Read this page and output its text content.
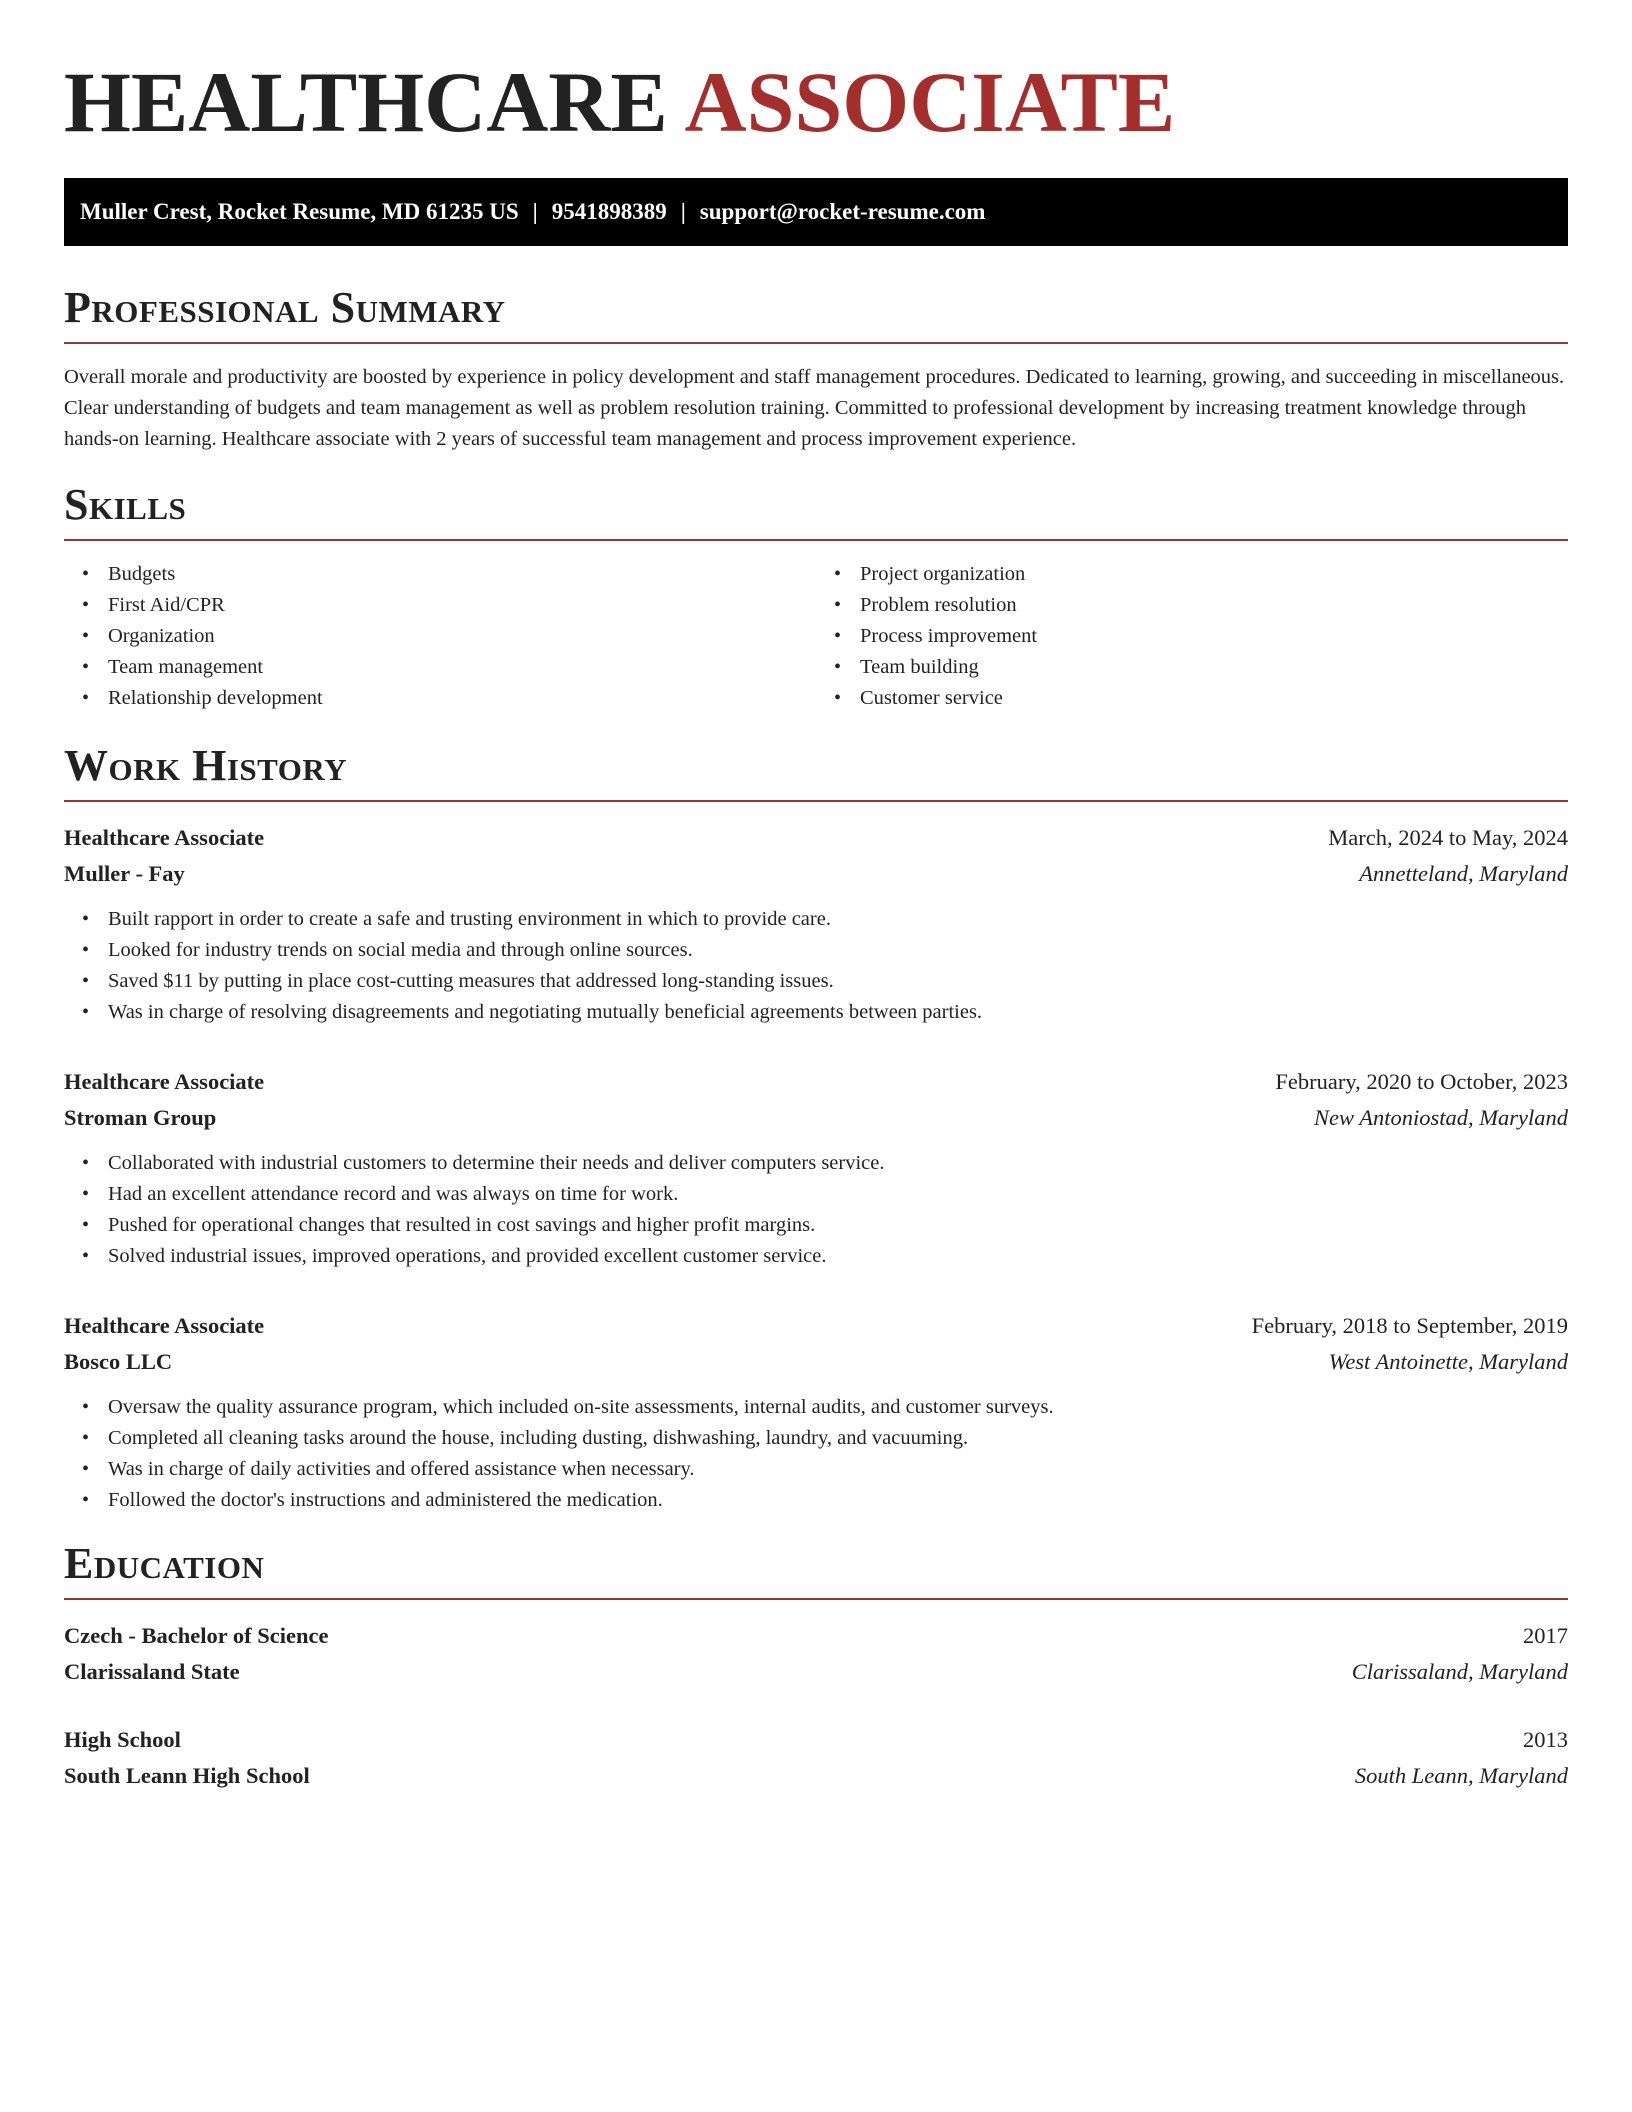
HEALTHCARE ASSOCIATE
Muller Crest, Rocket Resume, MD 61235 US | 9541898389 | support@rocket-resume.com
Professional Summary

Overall morale and productivity are boosted by experience in policy development and staff management procedures. Dedicated to learning, growing, and succeeding in miscellaneous. Clear understanding of budgets and team management as well as problem resolution training. Committed to professional development by increasing treatment knowledge through hands-on learning. Healthcare associate with 2 years of successful team management and process improvement experience.

Skills
• Budgets
• First Aid/CPR
• Organization
• Team management
• Relationship development
• Project organization
• Problem resolution
• Process improvement
• Team building
• Customer service
Work History
Healthcare Associate	March, 2024 to May, 2024
Muller - Fay	Annetteland, Maryland
• Built rapport in order to create a safe and trusting environment in which to provide care.
• Looked for industry trends on social media and through online sources.
• Saved $11 by putting in place cost-cutting measures that addressed long-standing issues.
• Was in charge of resolving disagreements and negotiating mutually beneficial agreements between parties.
Healthcare Associate	February, 2020 to October, 2023
Stroman Group	New Antoniostad, Maryland
• Collaborated with industrial customers to determine their needs and deliver computers service.
• Had an excellent attendance record and was always on time for work.
• Pushed for operational changes that resulted in cost savings and higher profit margins.
• Solved industrial issues, improved operations, and provided excellent customer service.
Healthcare Associate	February, 2018 to September, 2019
Bosco LLC	West Antoinette, Maryland
• Oversaw the quality assurance program, which included on-site assessments, internal audits, and customer surveys.
• Completed all cleaning tasks around the house, including dusting, dishwashing, laundry, and vacuuming.
• Was in charge of daily activities and offered assistance when necessary.
• Followed the doctor's instructions and administered the medication.
Education
Czech - Bachelor of Science	2017
Clarissaland State	Clarissaland, Maryland
High School	2013
South Leann High School	South Leann, Maryland
